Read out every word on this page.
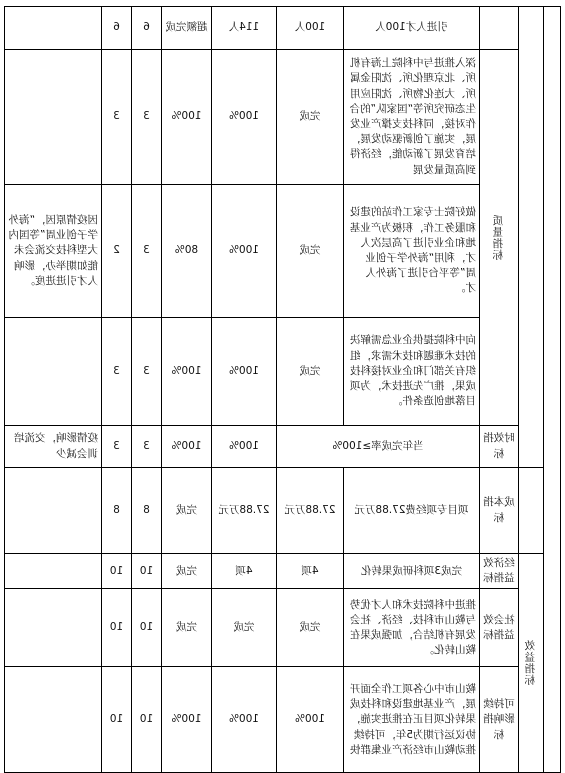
			引进人才100人	100人	114人	超额完成	6	6	
		质量指标	深入推进与中科院上海有机所、北京理化所、沈阳金属所、大连化物所、沈阳应用生态研究所等“国家队”的合作对接，同科技支撑产业发展，实施了创新驱动发展，培育发展了新动能，经济得到高质量发展	完成	100%	100%	3	3	
			做好院士专家工作站的建设和服务工作，积极为产业基地和企业引进了高层次人才，利用“海外学子创业周”等平台引进了海外人才。	完成	100%	80%	3	2	因疫情原因，“海外学子创业周”等国内大型科技交流会未能如期举办，影响人才引进进度。
			向中科院提供企业急需解决的技术难题和技术需求，组织有关部门和企业对接科技成果，推广先进技术，为项目落地创造条件。	完成	100%	100%	3	3	
		时效指标	当年完成率≥100%		100%	100%	3	3	疫情影响，交流培训会减少
		成本指标	项目专项经费27.88万元	27.88万元	27.88万元	完成	8	8	
	效益指标	经济效益指标	完成3项科研成果转化	4项	4项	完成	10	10	
		社会效益指标	推进中科院技术和人才优势与鞍山市科技、经济、社会发展有机结合，加强成果在鞍山转化。	完成	完成	完成	10	10	
		可持续影响指标	鞍山市中心各项工作全面开展，产业基地建设和科技成果转化项目正在推进实施，协议运行期为5年，可持续推动鞍山市经济产业集群快	100%	100%	100%	10	10	
